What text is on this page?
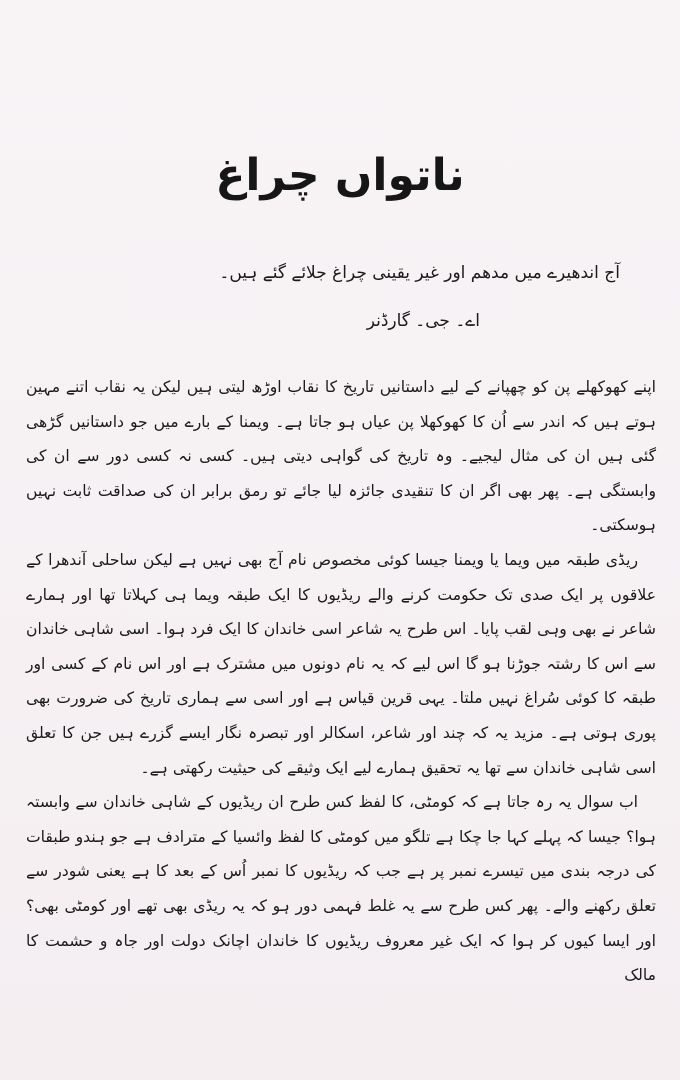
ناتواں چراغ
آج اندھیرے میں مدھم اور غیر یقینی چراغ جلائے گئے ہیں۔
اے۔ جی۔ گارڈنر

اپنے کھوکھلے پن کو چھپانے کے لیے داستانیں تاریخ کا نقاب اوڑھ لیتی ہیں لیکن یہ نقاب اتنے مہین ہوتے ہیں کہ اندر سے اُن کا کھوکھلا پن عیاں ہو جاتا ہے۔ ویمنا کے بارے میں جو داستانیں گڑھی گئی ہیں ان کی مثال لیجیے۔ وہ تاریخ کی گواہی دیتی ہیں۔ کسی نہ کسی دور سے ان کی وابستگی ہے۔ پھر بھی اگر ان کا تنقیدی جائزہ لیا جائے تو رمق برابر ان کی صداقت ثابت نہیں ہوسکتی۔

ریڈی طبقہ میں ویما یا ویمنا جیسا کوئی مخصوص نام آج بھی نہیں ہے لیکن ساحلی آندھرا کے علاقوں پر ایک صدی تک حکومت کرنے والے ریڈیوں کا ایک طبقہ ویما ہی کہلاتا تھا اور ہمارے شاعر نے بھی وہی لقب پایا۔ اس طرح یہ شاعر اسی خاندان کا ایک فرد ہوا۔ اسی شاہی خاندان سے اس کا رشتہ جوڑنا ہو گا اس لیے کہ یہ نام دونوں میں مشترک ہے اور اس نام کے کسی اور طبقہ کا کوئی سُراغ نہیں ملتا۔ یہی قرین قیاس ہے اور اسی سے ہماری تاریخ کی ضرورت بھی پوری ہوتی ہے۔ مزید یہ کہ چند اور شاعر، اسکالر اور تبصرہ نگار ایسے گزرے ہیں جن کا تعلق اسی شاہی خاندان سے تھا یہ تحقیق ہمارے لیے ایک وثیقے کی حیثیت رکھتی ہے۔

اب سوال یہ رہ جاتا ہے کہ کومٹی، کا لفظ کس طرح ان ریڈیوں کے شاہی خاندان سے وابستہ ہوا؟ جیسا کہ پہلے کہا جا چکا ہے تلگو میں کومٹی کا لفظ وائسیا کے مترادف ہے جو ہندو طبقات کی درجہ بندی میں تیسرے نمبر پر ہے جب کہ ریڈیوں کا نمبر اُس کے بعد کا ہے یعنی شودر سے تعلق رکھنے والے۔ پھر کس طرح سے یہ غلط فہمی دور ہو کہ یہ ریڈی بھی تھے اور کومٹی بھی؟ اور ایسا کیوں کر ہوا کہ ایک غیر معروف ریڈیوں کا خاندان اچانک دولت اور جاہ و حشمت کا مالک
